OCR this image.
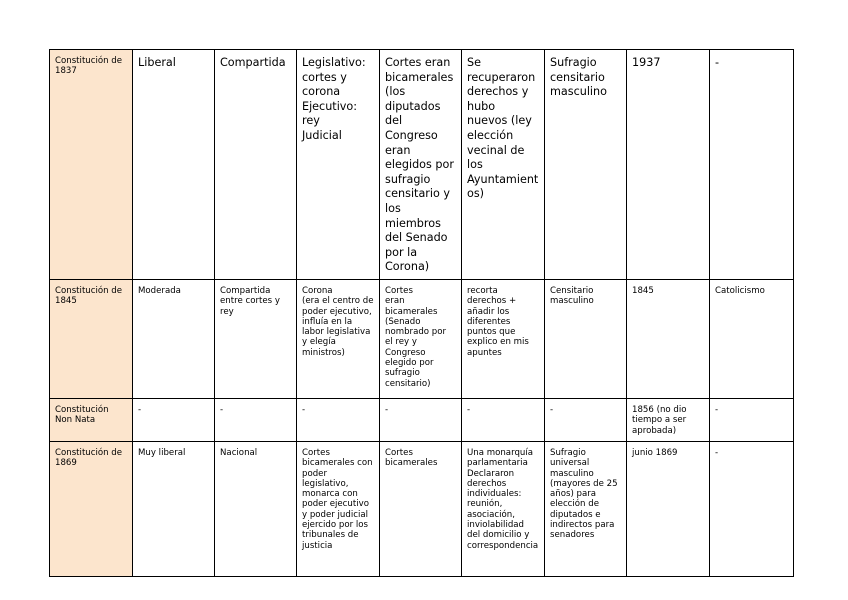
Constitución de 1837	Liberal	Compartida	Legislativo: cortes y corona
Ejecutivo: rey
Judicial	Cortes eran bicamerales (los diputados del Congreso eran elegidos por sufragio censitario y los miembros del Senado por la Corona)	Se recuperaron derechos y hubo nuevos (ley elección vecinal de los Ayuntamientos)	Sufragio censitario masculino	1937	-
Constitución de 1845	Moderada	Compartida entre cortes y rey	Corona
(era el centro de poder ejecutivo, influía en la labor legislativa y elegía ministros)	Cortes
eran bicamerales (Senado nombrado por el rey y Congreso elegido por sufragio censitario)	recorta derechos + añadir los diferentes puntos que explico en mis apuntes	Censitario masculino	1845	Catolicismo
Constitución Non Nata	-	-	-	-	-	-	1856 (no dio tiempo a ser aprobada)	-
Constitución de 1869	Muy liberal	Nacional	Cortes bicamerales con poder legislativo, monarca con poder ejecutivo y poder judicial ejercido por los tribunales de justicia	Cortes bicamerales	Una monarquía parlamentaria
Declararon derechos individuales: reunión, asociación, inviolabilidad del domicilio y correspondencia	Sufragio universal masculino (mayores de 25 años) para elección de diputados e indirectos para senadores	junio 1869	-
